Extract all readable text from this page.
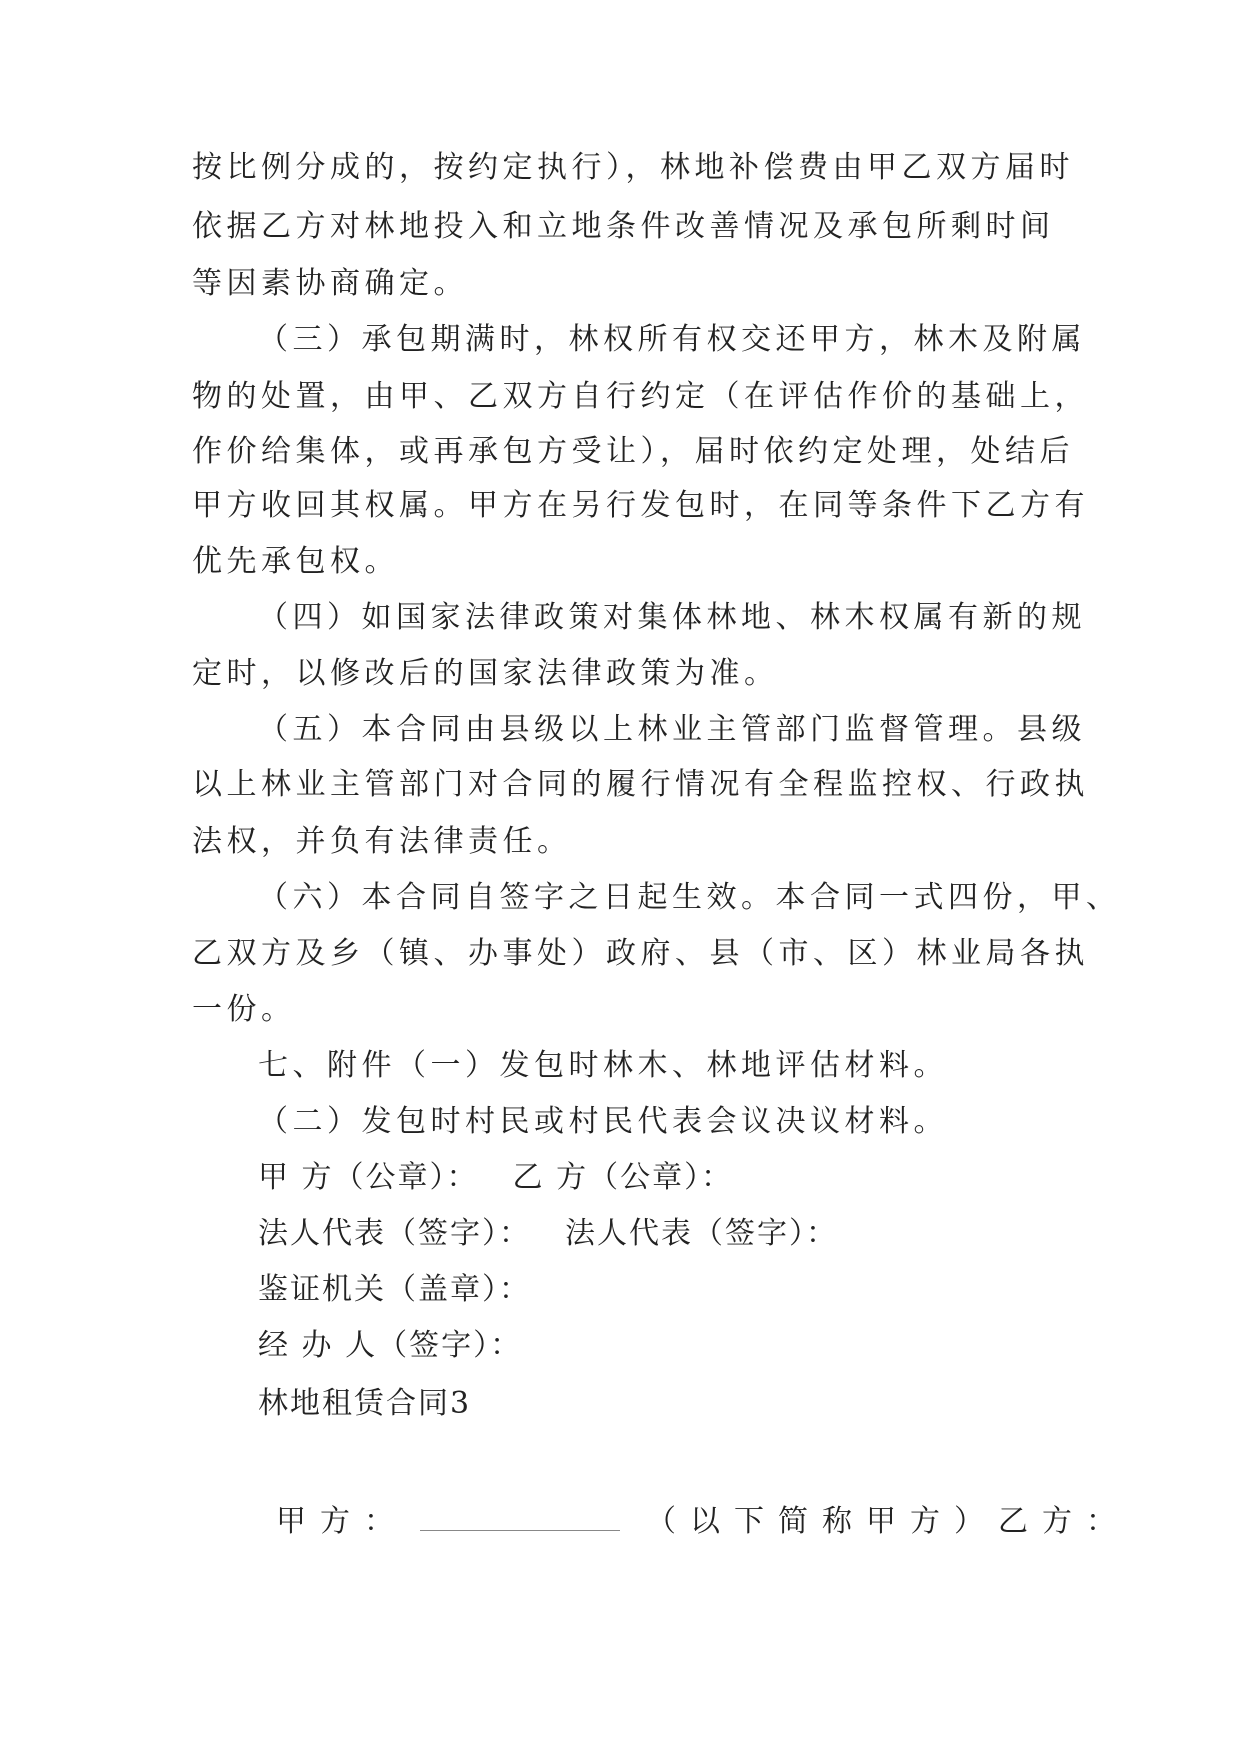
按比例分成的，按约定执行），林地补偿费由甲乙双方届时
依据乙方对林地投入和立地条件改善情况及承包所剩时间
等因素协商确定。
（三）承包期满时，林权所有权交还甲方，林木及附属
物的处置，由甲、乙双方自行约定（在评估作价的基础上，
作价给集体，或再承包方受让），届时依约定处理，处结后
甲方收回其权属。甲方在另行发包时，在同等条件下乙方有
优先承包权。
（四）如国家法律政策对集体林地、林木权属有新的规
定时，以修改后的国家法律政策为准。
（五）本合同由县级以上林业主管部门监督管理。县级
以上林业主管部门对合同的履行情况有全程监控权、行政执
法权，并负有法律责任。
（六）本合同自签字之日起生效。本合同一式四份，甲、
乙双方及乡（镇、办事处）政府、县（市、区）林业局各执
一份。
七、附件（一）发包时林木、林地评估材料。
（二）发包时村民或村民代表会议决议材料。
甲 方（公章）： 乙 方（公章）：
法人代表（签字）： 法人代表（签字）：
鉴证机关（盖章）：
经 办 人（签字）：
林地租赁合同3
甲方：	（以下简称甲方）乙方：
